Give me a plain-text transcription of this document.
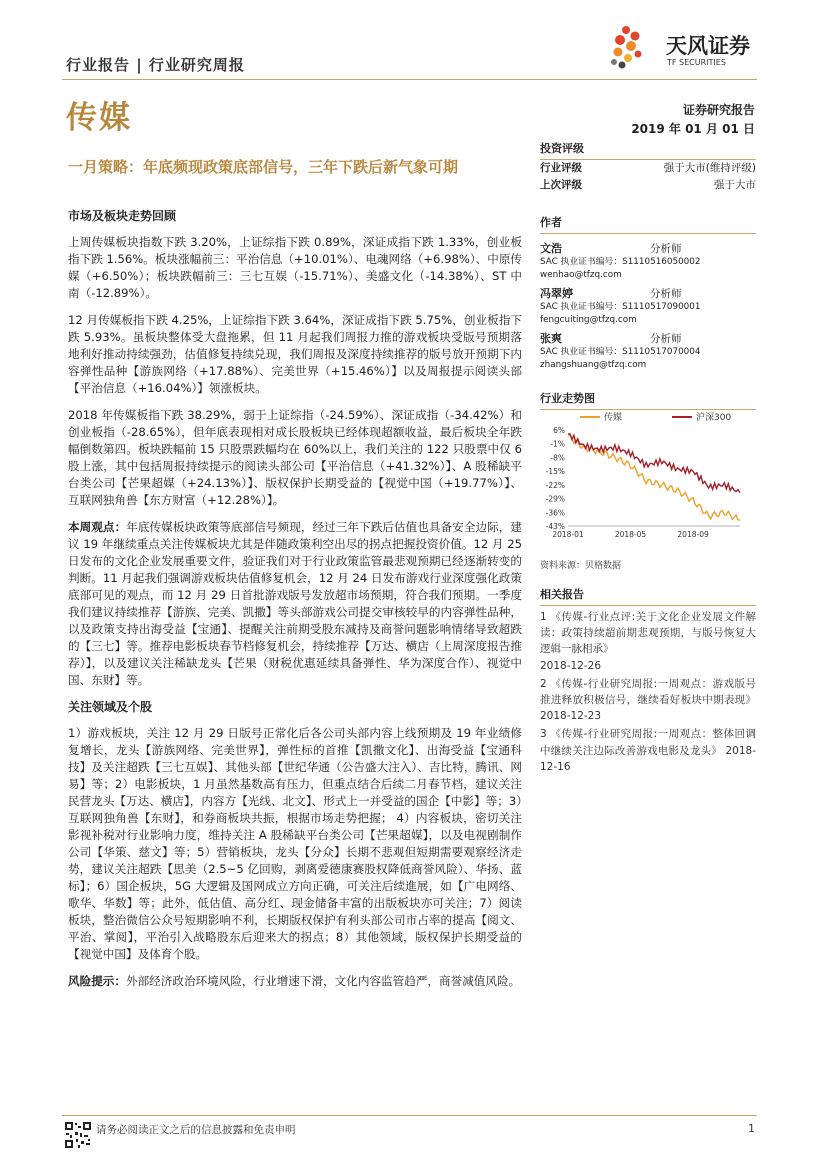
行业报告 | 行业研究周报
天风证券
TF SECURITIES
传媒	证券研究报告
2019 年 01 月 01 日
一月策略：年底频现政策底部信号，三年下跌后新气象可期
市场及板块走势回顾

上周传媒板块指数下跌 3.20%，上证综指下跌 0.89%，深证成指下跌 1.33%，创业板指下跌 1.56%。板块涨幅前三：平治信息（+10.01%）、电魂网络（+6.98%）、中原传媒（+6.50%）；板块跌幅前三：三七互娱（-15.71%）、美盛文化（-14.38%）、ST 中南（-12.89%）。

12 月传媒板指下跌 4.25%，上证综指下跌 3.64%，深证成指下跌 5.75%，创业板指下跌 5.93%。虽板块整体受大盘拖累，但 11 月起我们周报力推的游戏板块受版号预期落地利好推动持续强劲，估值修复持续兑现，我们周报及深度持续推荐的版号放开预期下内容弹性品种【游族网络（+17.88%）、完美世界（+15.46%）】以及周报提示阅读头部【平治信息（+16.04%）】领涨板块。

2018 年传媒板指下跌 38.29%，弱于上证综指（-24.59%）、深证成指（-34.42%）和创业板指（-28.65%），但年底表现相对成长股板块已经体现超额收益，最后板块全年跌幅倒数第四。板块跌幅前 15 只股票跌幅均在 60%以上，我们关注的 122 只股票中仅 6 股上涨，其中包括周报持续提示的阅读头部公司【平治信息（+41.32%）】、A 股稀缺平台类公司【芒果超媒（+24.13%）】、版权保护长期受益的【视觉中国（+19.77%）】、互联网独角兽【东方财富（+12.28%）】。

本周观点：年底传媒板块政策等底部信号频现，经过三年下跌后估值也具备安全边际，建议 19 年继续重点关注传媒板块尤其是伴随政策利空出尽的拐点把握投资价值。12 月 25 日发布的文化企业发展重要文件，验证我们对于行业政策监管最悲观预期已经逐渐转变的判断。11 月起我们强调游戏板块估值修复机会，12 月 24 日发布游戏行业深度强化政策底部可见的观点，而 12 月 29 日首批游戏版号发放超市场预期，符合我们预期。一季度我们建议持续推荐【游族、完美、凯撒】等头部游戏公司提交审核较早的内容弹性品种，以及政策支持出海受益【宝通】、提醒关注前期受股东减持及商誉问题影响情绪导致超跌的【三七】等。推荐电影板块春节档修复机会，持续推荐【万达、横店（上周深度报告推荐）】，以及建议关注稀缺龙头【芒果（财税优惠延续具备弹性、华为深度合作）、视觉中国、东财】等。

关注领域及个股

1）游戏板块，关注 12 月 29 日版号正常化后各公司头部内容上线预期及 19 年业绩修复增长，龙头【游族网络、完美世界】，弹性标的首推【凯撒文化】、出海受益【宝通科技】及关注超跌【三七互娱】、其他头部【世纪华通（公告盛大注入）、吉比特，腾讯、网易】等；2）电影板块，1 月虽然基数高有压力，但重点结合后续二月春节档，建议关注民营龙头【万达、横店】，内容方【光线、北文】、形式上一并受益的国企【中影】等；3）互联网独角兽【东财】，和券商板块共振，根据市场走势把握； 4）内容板块，密切关注影视补税对行业影响力度，维持关注 A 股稀缺平台类公司【芒果超媒】，以及电视剧制作公司【华策、慈文】等；5）营销板块，龙头【分众】长期不悲观但短期需要观察经济走势，建议关注超跌【思美（2.5~5 亿回购，剥离爱德康赛股权降低商誉风险）、华扬、蓝标】；6）国企板块，5G 大逻辑及国网成立方向正确，可关注后续進展，如【广电网络、歌华、华数】等；此外，低估值、高分红、现金储备丰富的出版板块亦可关注；7）阅读板块，整治微信公众号短期影响不利，长期版权保护有利头部公司市占率的提高【阅文、平治、掌阅】，平治引入战略股东后迎来大的拐点；8）其他领域，版权保护长期受益的【视觉中国】及体育个股。

风险提示：外部经济政治环境风险，行业增速下滑，文化内容监管趋严，商誉减值风险。

投资评级
行业评级	强于大市(维持评级)
上次评级	强于大市
作者
文浩	分析师
SAC 执业证书编号：S1110516050002
wenhao@tfzq.com
冯翠婷	分析师
SAC 执业证书编号：S1110517090001
fengcuiting@tfzq.com
张爽	分析师
SAC 执业证书编号：S1110517070004
zhangshuang@tfzq.com
行业走势图
传媒	沪深300
6%
-1%
-8%
-15%
-22%
-29%
-36%
-43%
2018-01	2018-05	2018-09
资料来源：贝格数据
相关报告
1 《传媒-行业点评:关于文化企业发展文件解读：政策持续超前期悲观预期，与版号恢复大逻辑一脉相承》
2018-12-26
2 《传媒-行业研究周报:一周观点：游戏版号推进释放积极信号，继续看好板块中期表现》 2018-12-23
3 《传媒-行业研究周报:一周观点：整体回调中继续关注边际改善游戏电影及龙头》 2018-12-16
请务必阅读正文之后的信息披露和免责申明	1
